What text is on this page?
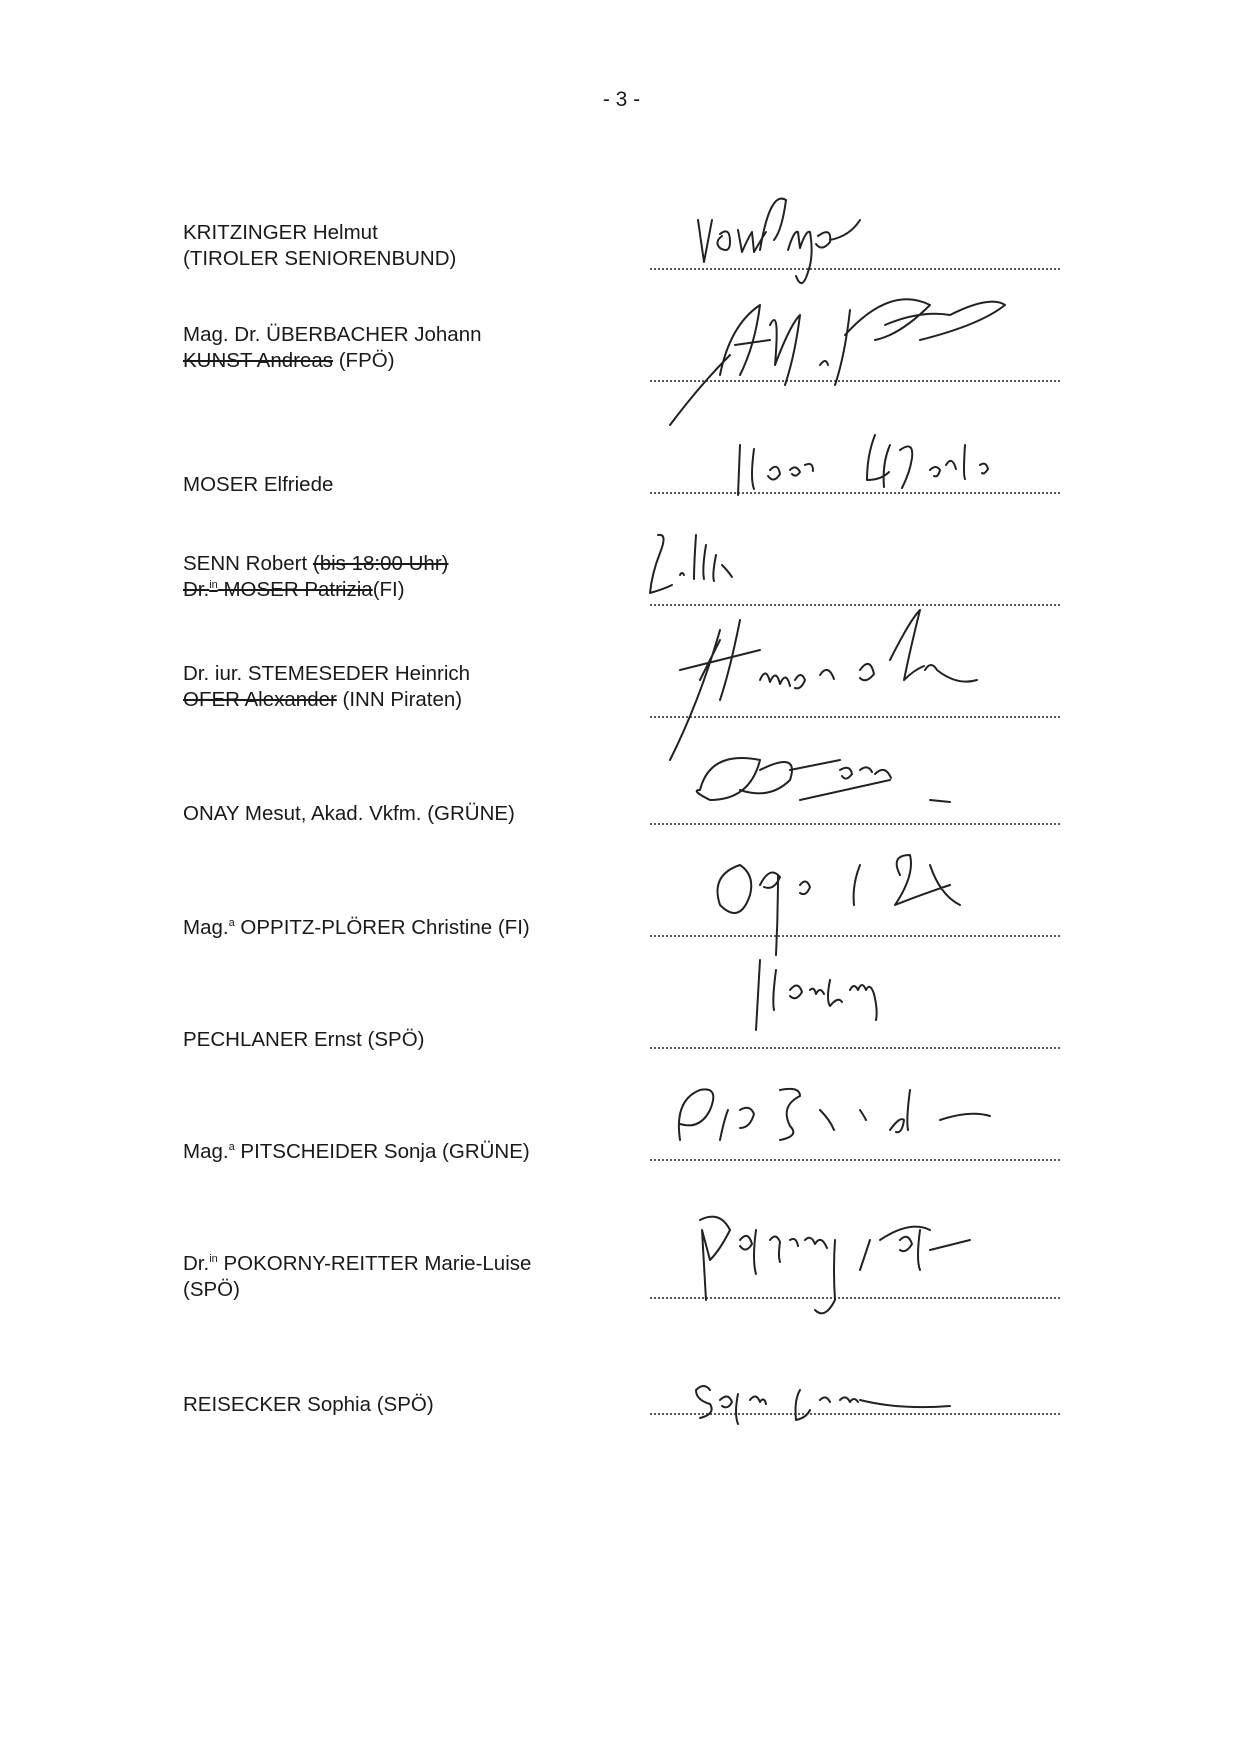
- 3 -
KRITZINGER Helmut
(TIROLER SENIORENBUND)
Mag. Dr. ÜBERBACHER Johann
KUNST Andreas (FPÖ)
MOSER Elfriede
SENN Robert (bis 18:00 Uhr)
Dr.$^{in}$ MOSER Patrizia(FI)
Dr. iur. STEMESEDER Heinrich
OFER Alexander (INN Piraten)
ONAY Mesut, Akad. Vkfm. (GRÜNE)
Mag.$^a$ OPPITZ-PLÖRER Christine (FI)
PECHLANER Ernst (SPÖ)
Mag.$^a$ PITSCHEIDER Sonja (GRÜNE)
Dr.$^{in}$ POKORNY-REITTER Marie-Luise
(SPÖ)
REISECKER Sophia (SPÖ)
